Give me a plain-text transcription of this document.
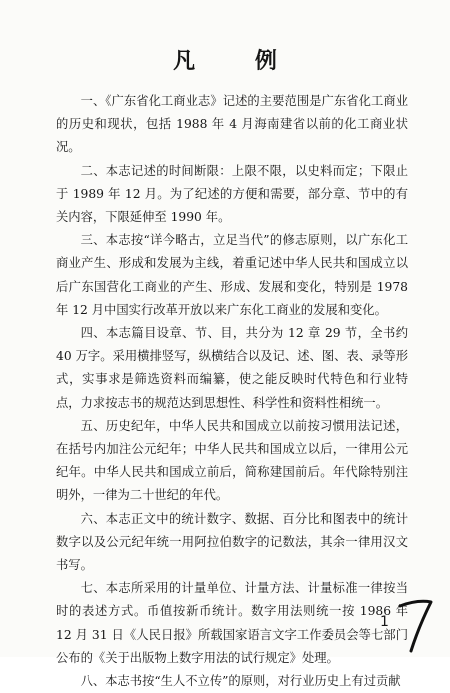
凡 例

一、《广东省化工商业志》记述的主要范围是广东省化工商业的历史和现状，包括 1988 年 4 月海南建省以前的化工商业状况。

二、本志记述的时间断限：上限不限，以史料而定；下限止于 1989 年 12 月。为了纪述的方便和需要，部分章、节中的有关内容，下限延伸至 1990 年。

三、本志按“详今略古，立足当代”的修志原则，以广东化工商业产生、形成和发展为主线，着重记述中华人民共和国成立以后广东国营化工商业的产生、形成、发展和变化，特别是 1978 年 12 月中国实行改革开放以来广东化工商业的发展和变化。

四、本志篇目设章、节、目，共分为 12 章 29 节，全书约 40 万字。采用横排竖写，纵横结合以及记、述、图、表、录等形式，实事求是筛选资料而编纂，使之能反映时代特色和行业特点，力求按志书的规范达到思想性、科学性和资料性相统一。

五、历史纪年，中华人民共和国成立以前按习惯用法记述，在括号内加注公元纪年；中华人民共和国成立以后，一律用公元纪年。中华人民共和国成立前后，简称建国前后。年代除特别注明外，一律为二十世纪的年代。

六、本志正文中的统计数字、数据、百分比和图表中的统计数字以及公元纪年统一用阿拉伯数字的记数法，其余一律用汉文书写。

七、本志所采用的计量单位、计量方法、计量标准一律按当时的表述方式。币值按新币统计。数字用法则统一按 1986 年 12 月 31 日《人民日报》所载国家语言文字工作委员会等七部门公布的《关于出版物上数字用法的试行规定》处理。

八、本志书按“生人不立传”的原则，对行业历史上有过贡献

1
